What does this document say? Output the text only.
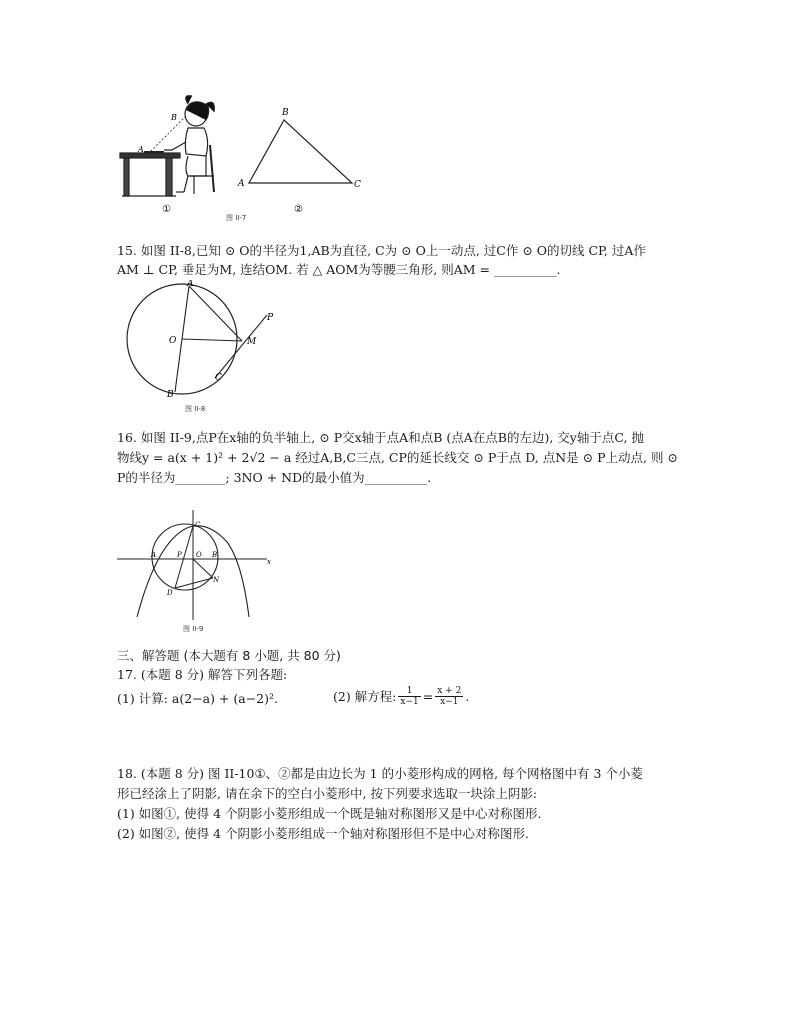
B
A
①
B
A	C
②
图 II-7
15. 如图 II-8,已知 ⊙ O的半径为1,AB为直径, C为 ⊙ O上一动点, 过C作 ⊙ O的切线 CP, 过A作
AM ⊥ CP, 垂足为M, 连结OM. 若 △ AOM为等腰三角形, 则AM = __________.
A
O
P
M
C
B
图 II-8
16. 如图 II-9,点P在x轴的负半轴上, ⊙ P交x轴于点A和点B (点A在点B的左边), 交y轴于点C, 抛
物线y = a(x + 1)² + 2√2 − a 经过A,B,C三点, CP的延长线交 ⊙ P于点 D, 点N是 ⊙ P上动点, 则 ⊙
P的半径为________; 3NO + ND的最小值为__________.
C
A	P O B
N
D
x
图 II-9
三、解答题 (本大题有 8 小题, 共 80 分)
17. (本题 8 分) 解答下列各题:
(1) 计算: a(2−a) + (a−2)².	(2) 解方程: $\frac{1}{x-1} = \frac{x + 2}{x-1}$ .
18. (本题 8 分) 图 II-10①、②都是由边长为 1 的小菱形构成的网格, 每个网格图中有 3 个小菱
形已经涂上了阴影, 请在余下的空白小菱形中, 按下列要求选取一块涂上阴影:
(1) 如图①, 使得 4 个阴影小菱形组成一个既是轴对称图形又是中心对称图形.
(2) 如图②, 使得 4 个阴影小菱形组成一个轴对称图形但不是中心对称图形.
